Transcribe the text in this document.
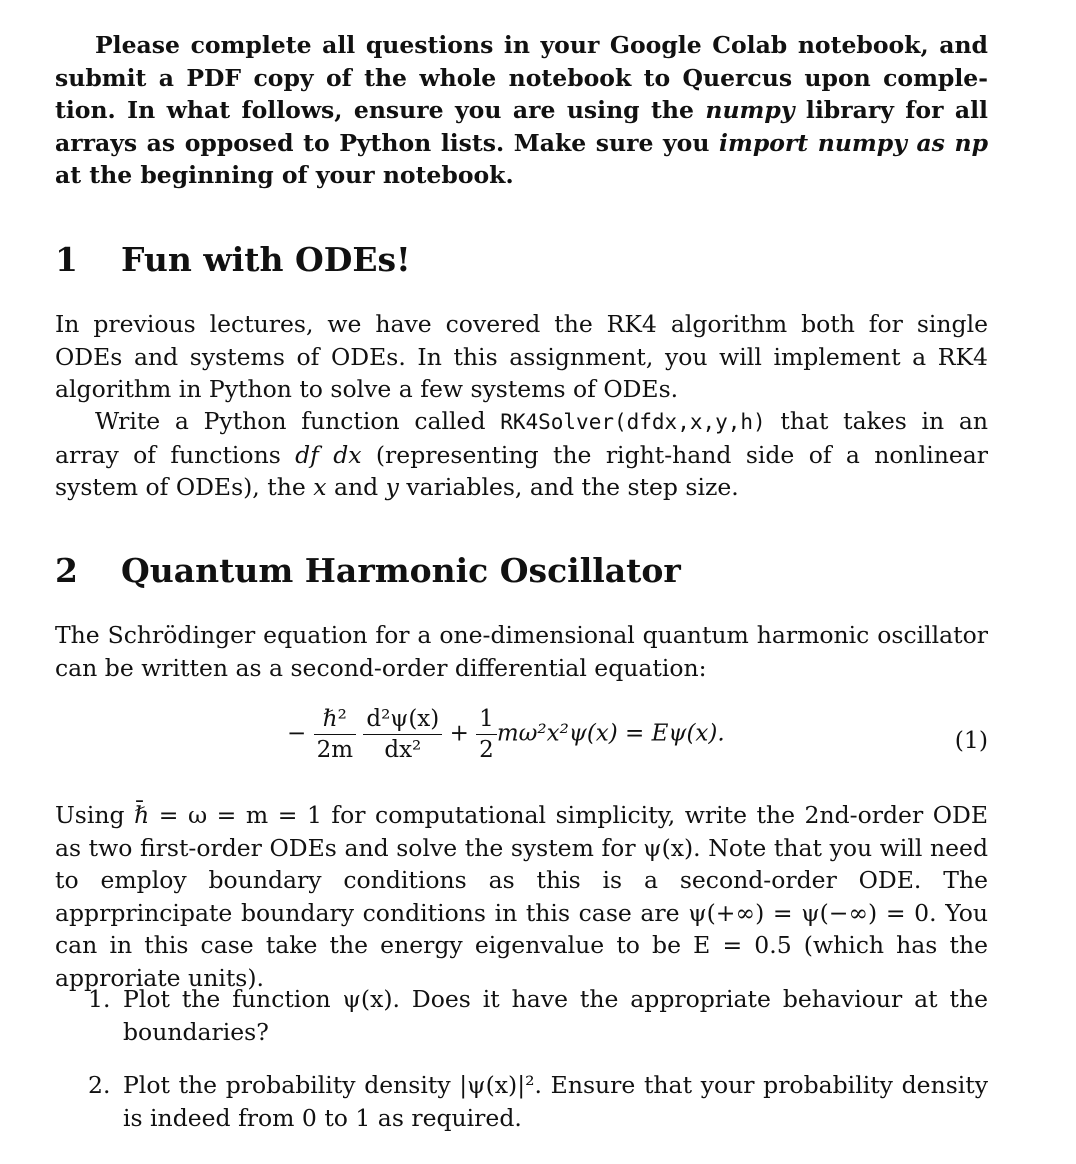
Please complete all questions in your Google Colab notebook, and submit a PDF copy of the whole notebook to Quercus upon comple-tion. In what follows, ensure you are using the numpy library for all arrays as opposed to Python lists. Make sure you import numpy as np at the beginning of your notebook.

1 Fun with ODEs!

In previous lectures, we have covered the RK4 algorithm both for single ODEs and systems of ODEs. In this assignment, you will implement a RK4 algorithm in Python to solve a few systems of ODEs.

Write a Python function called RK4Solver(dfdx,x,y,h) that takes in an array of functions df dx (representing the right-hand side of a nonlinear system of ODEs), the x and y variables, and the step size.

2 Quantum Harmonic Oscillator

The Schrödinger equation for a one-dimensional quantum harmonic oscillator can be written as a second-order differential equation:

− $\frac{\text{ℏ²}}{2m}$
$\frac{\text{d²ψ(x)}}{\text{dx²}} + \frac{1}{2} m\omega^2x^2\psi(x) = E\psi(x)$.	(1)

Using ℏ̄ = ω = m = 1 for computational simplicity, write the 2nd-order ODE as two first-order ODEs and solve the system for ψ(x). Note that you will need to employ boundary conditions as this is a second-order ODE. The apprprincipate boundary conditions in this case are ψ(+∞) = ψ(−∞) = 0. You can in this case take the energy eigenvalue to be E = 0.5 (which has the approriate units).

1. Plot the function ψ(x). Does it have the appropriate behaviour at the boundaries?
2. Plot the probability density |ψ(x)|². Ensure that your probability density is indeed from 0 to 1 as required.
